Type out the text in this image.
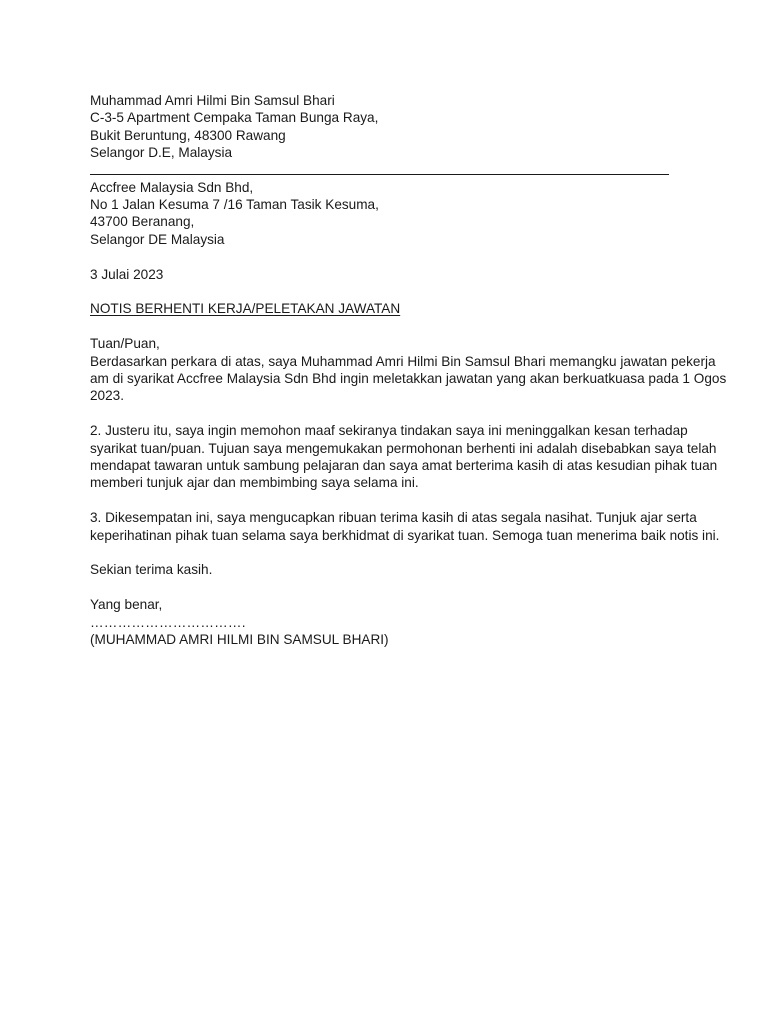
Muhammad Amri Hilmi Bin Samsul Bhari
C-3-5 Apartment Cempaka Taman Bunga Raya,
Bukit Beruntung, 48300 Rawang
Selangor D.E, Malaysia
Accfree Malaysia Sdn Bhd,
No 1 Jalan Kesuma 7 /16 Taman Tasik Kesuma,
43700 Beranang,
Selangor DE Malaysia
3 Julai 2023
NOTIS BERHENTI KERJA/PELETAKAN JAWATAN
Tuan/Puan,
Berdasarkan perkara di atas, saya Muhammad Amri Hilmi Bin Samsul Bhari memangku jawatan pekerja
am di syarikat Accfree Malaysia Sdn Bhd ingin meletakkan jawatan yang akan berkuatkuasa pada 1 Ogos
2023.
2. Justeru itu, saya ingin memohon maaf sekiranya tindakan saya ini meninggalkan kesan terhadap
syarikat tuan/puan. Tujuan saya mengemukakan permohonan berhenti ini adalah disebabkan saya telah
mendapat tawaran untuk sambung pelajaran dan saya amat berterima kasih di atas kesudian pihak tuan
memberi tunjuk ajar dan membimbing saya selama ini.
3. Dikesempatan ini, saya mengucapkan ribuan terima kasih di atas segala nasihat. Tunjuk ajar serta
keperihatinan pihak tuan selama saya berkhidmat di syarikat tuan. Semoga tuan menerima baik notis ini.
Sekian terima kasih.
Yang benar,
…………………………….
(MUHAMMAD AMRI HILMI BIN SAMSUL BHARI)
